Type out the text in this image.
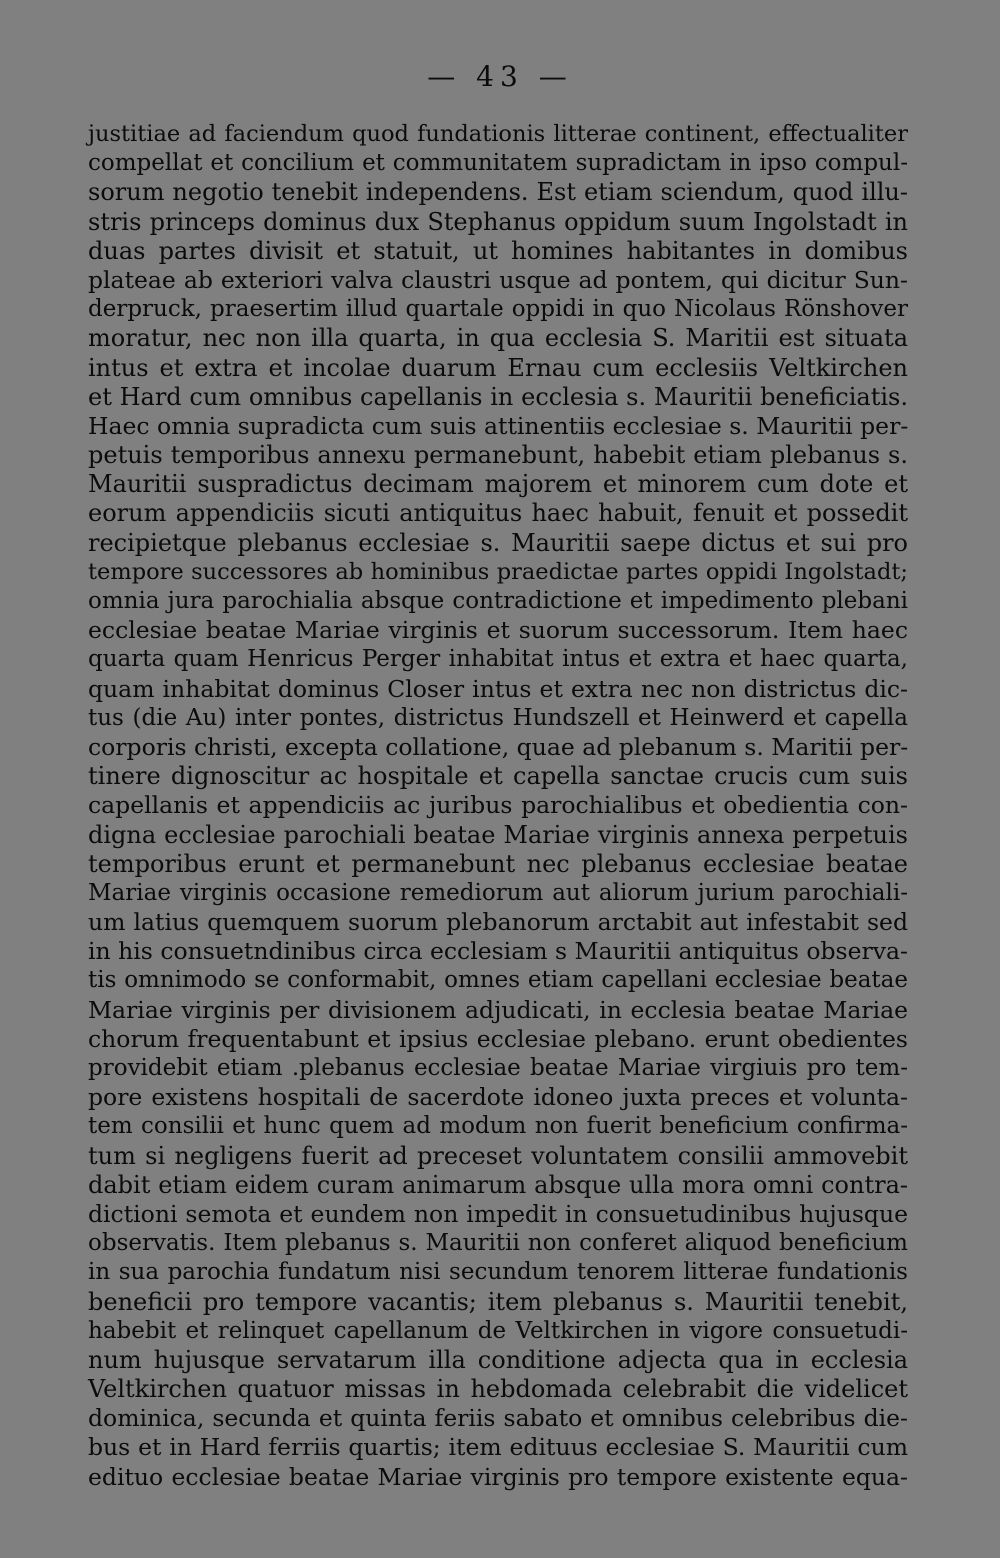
— 43 —
justitiae ad faciendum quod fundationis litterae continent, effectualiter
compellat et concilium et communitatem supradictam in ipso compul-
sorum negotio tenebit independens. Est etiam sciendum, quod illu-
stris princeps dominus dux Stephanus oppidum suum Ingolstadt in
duas partes divisit et statuit, ut homines habitantes in domibus
plateae ab exteriori valva claustri usque ad pontem, qui dicitur Sun-
derpruck, praesertim illud quartale oppidi in quo Nicolaus Rönshover
moratur, nec non illa quarta, in qua ecclesia S. Maritii est situata
intus et extra et incolae duarum Ernau cum ecclesiis Veltkirchen
et Hard cum omnibus capellanis in ecclesia s. Mauritii beneficiatis.
Haec omnia supradicta cum suis attinentiis ecclesiae s. Mauritii per-
petuis temporibus annexu permanebunt, habebit etiam plebanus s.
Mauritii suspradictus decimam majorem et minorem cum dote et
eorum appendiciis sicuti antiquitus haec habuit, fenuit et possedit
recipietque plebanus ecclesiae s. Mauritii saepe dictus et sui pro
tempore successores ab hominibus praedictae partes oppidi Ingolstadt;
omnia jura parochialia absque contradictione et impedimento plebani
ecclesiae beatae Mariae virginis et suorum successorum. Item haec
quarta quam Henricus Perger inhabitat intus et extra et haec quarta,
quam inhabitat dominus Closer intus et extra nec non districtus dic-
tus (die Au) inter pontes, districtus Hundszell et Heinwerd et capella
corporis christi, excepta collatione, quae ad plebanum s. Maritii per-
tinere dignoscitur ac hospitale et capella sanctae crucis cum suis
capellanis et appendiciis ac juribus parochialibus et obedientia con-
digna ecclesiae parochiali beatae Mariae virginis annexa perpetuis
temporibus erunt et permanebunt nec plebanus ecclesiae beatae
Mariae virginis occasione remediorum aut aliorum jurium parochiali-
um latius quemquem suorum plebanorum arctabit aut infestabit sed
in his consuetndinibus circa ecclesiam s Mauritii antiquitus observa-
tis omnimodo se conformabit, omnes etiam capellani ecclesiae beatae
Mariae virginis per divisionem adjudicati, in ecclesia beatae Mariae
chorum frequentabunt et ipsius ecclesiae plebano. erunt obedientes
providebit etiam .plebanus ecclesiae beatae Mariae virgiuis pro tem-
pore existens hospitali de sacerdote idoneo juxta preces et volunta-
tem consilii et hunc quem ad modum non fuerit beneficium confirma-
tum si negligens fuerit ad preceset voluntatem consilii ammovebit
dabit etiam eidem curam animarum absque ulla mora omni contra-
dictioni semota et eundem non impedit in consuetudinibus hujusque
observatis. Item plebanus s. Mauritii non conferet aliquod beneficium
in sua parochia fundatum nisi secundum tenorem litterae fundationis
beneficii pro tempore vacantis; item plebanus s. Mauritii tenebit,
habebit et relinquet capellanum de Veltkirchen in vigore consuetudi-
num hujusque servatarum illa conditione adjecta qua in ecclesia
Veltkirchen quatuor missas in hebdomada celebrabit die videlicet
dominica, secunda et quinta feriis sabato et omnibus celebribus die-
bus et in Hard ferriis quartis; item edituus ecclesiae S. Mauritii cum
edituo ecclesiae beatae Mariae virginis pro tempore existente equa-
